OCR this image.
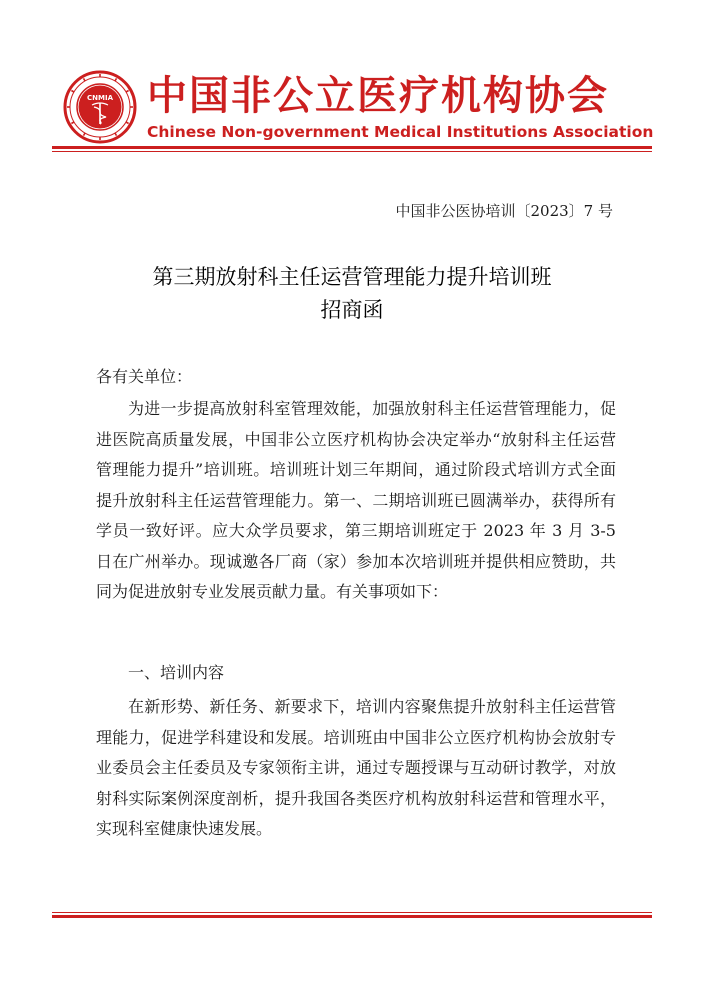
CNMIA 中国非公立医疗机构协会
Chinese Non-government Medical Institutions Association
中国非公医协培训〔2023〕7 号
第三期放射科主任运营管理能力提升培训班
招商函
各有关单位：
为进一步提高放射科室管理效能，加强放射科主任运营管理能力，促进医院高质量发展，中国非公立医疗机构协会决定举办“放射科主任运营管理能力提升”培训班。培训班计划三年期间，通过阶段式培训方式全面提升放射科主任运营管理能力。第一、二期培训班已圆满举办，获得所有学员一致好评。应大众学员要求，第三期培训班定于 2023 年 3 月 3-5 日在广州举办。现诚邀各厂商（家）参加本次培训班并提供相应赞助，共同为促进放射专业发展贡献力量。有关事项如下：
一、培训内容
在新形势、新任务、新要求下，培训内容聚焦提升放射科主任运营管理能力，促进学科建设和发展。培训班由中国非公立医疗机构协会放射专业委员会主任委员及专家领衔主讲，通过专题授课与互动研讨教学，对放射科实际案例深度剖析，提升我国各类医疗机构放射科运营和管理水平，实现科室健康快速发展。
